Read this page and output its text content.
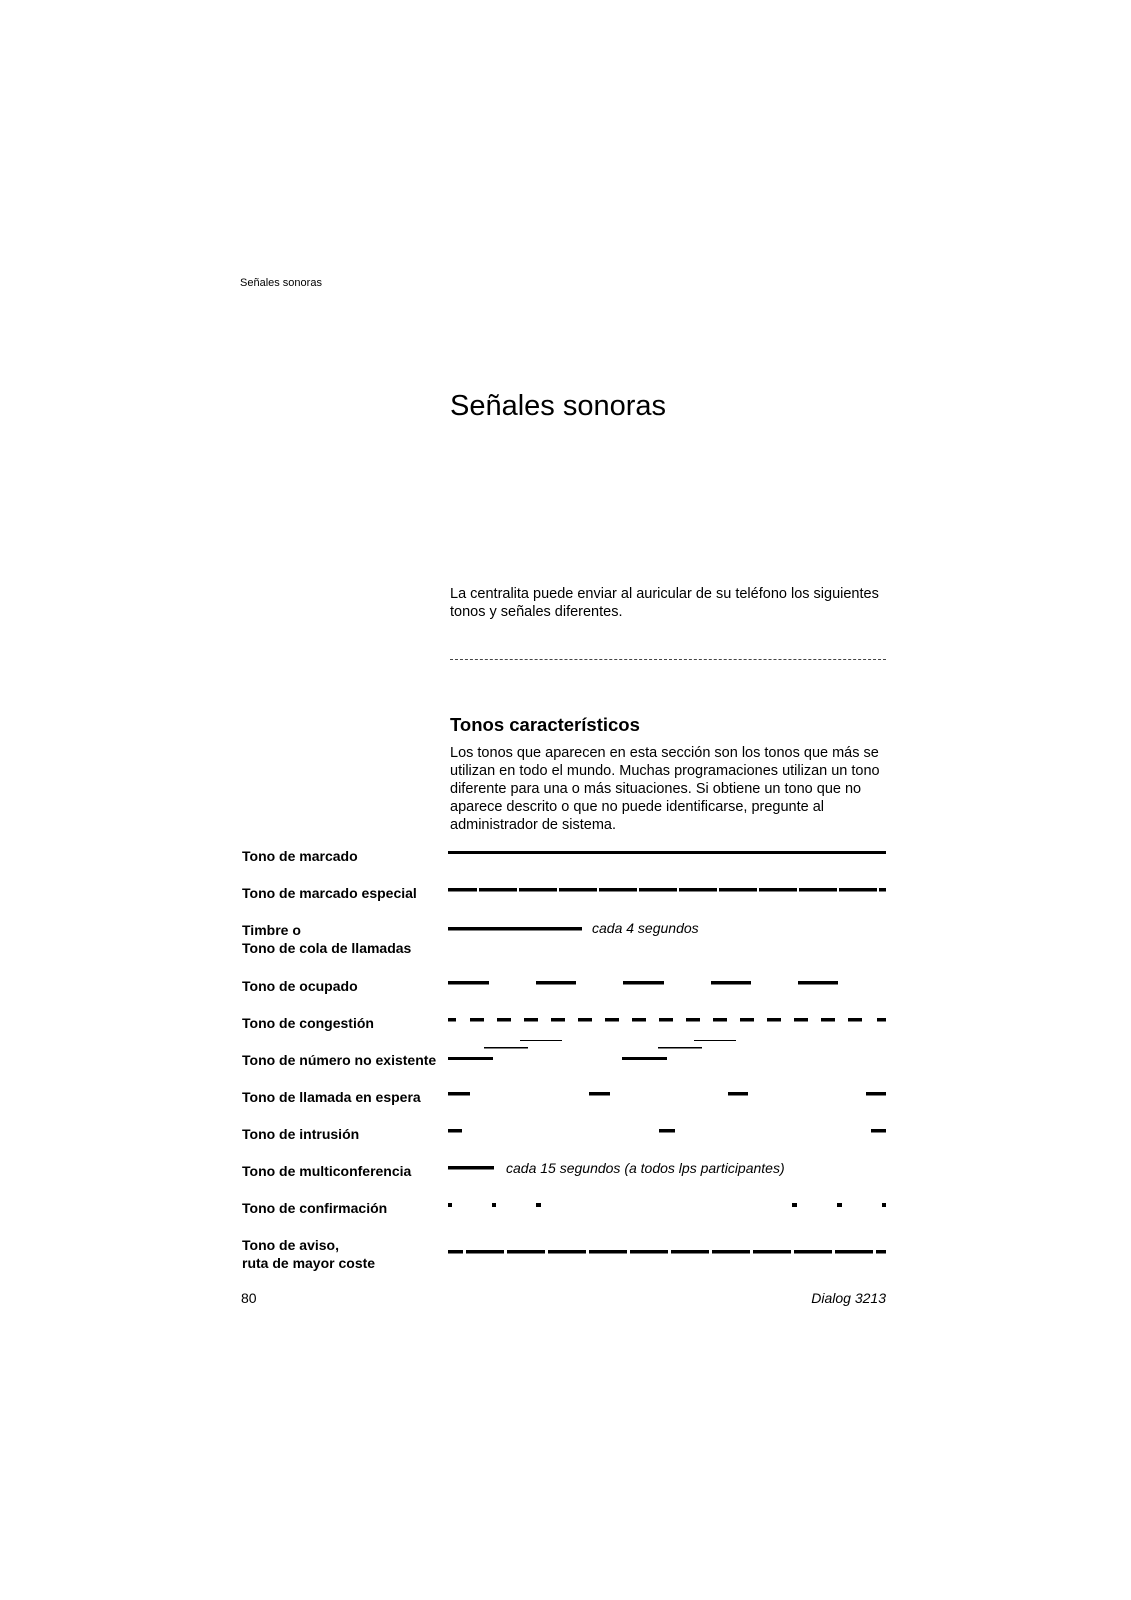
Señales sonoras
Señales sonoras

La centralita puede enviar al auricular de su teléfono los siguientes tonos y señales diferentes.

Tonos característicos

Los tonos que aparecen en esta sección son los tonos que más se utilizan en todo el mundo. Muchas programaciones utilizan un tono diferente para una o más situaciones. Si obtiene un tono que no aparece descrito o que no puede identificarse, pregunte al administrador de sistema.

Tono de marcado
Tono de marcado especial
Timbre o
Tono de cola de llamadas
Tono de ocupado
Tono de congestión
Tono de número no existente
Tono de llamada en espera
Tono de intrusión
Tono de multiconferencia
Tono de confirmación
Tono de aviso,
ruta de mayor coste
cada 4 segundos
cada 15 segundos (a todos lps participantes)
80	Dialog 3213
